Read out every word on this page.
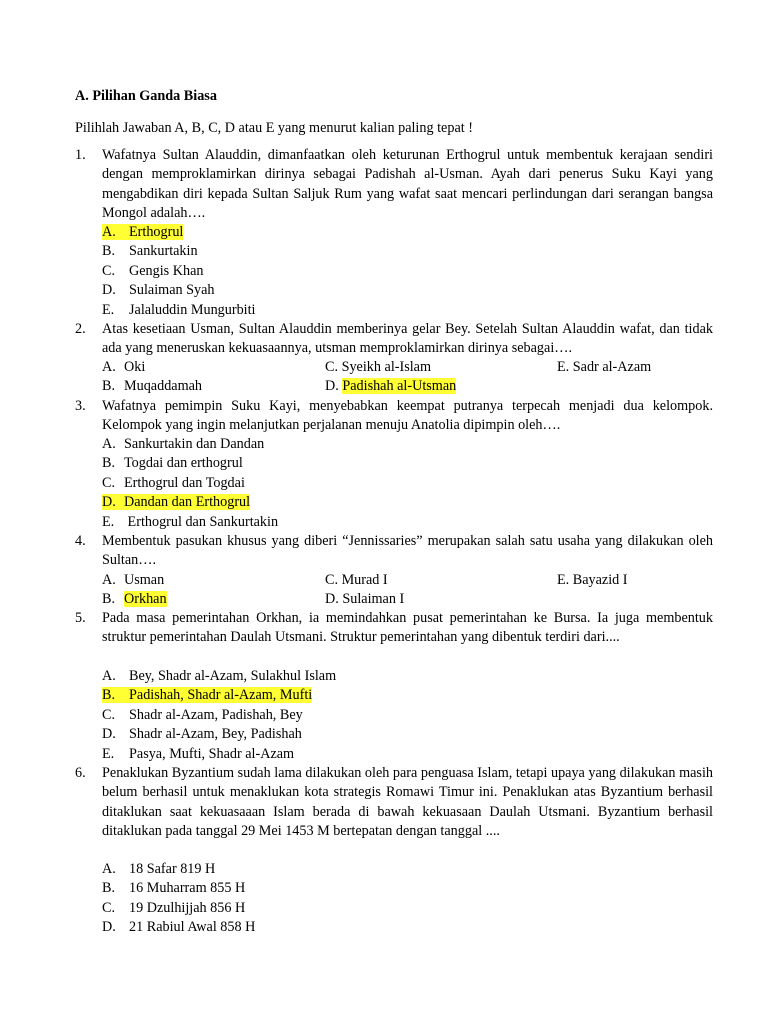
A. Pilihan Ganda Biasa
Pilihlah Jawaban A, B, C, D atau E yang menurut kalian paling tepat !
1. Wafatnya Sultan Alauddin, dimanfaatkan oleh keturunan Erthogrul untuk membentuk kerajaan sendiri dengan memproklamirkan dirinya sebagai Padishah al-Usman. Ayah dari penerus Suku Kayi yang mengabdikan diri kepada Sultan Saljuk Rum yang wafat saat mencari perlindungan dari serangan bangsa Mongol adalah….
A. Erthogrul
B. Sankurtakin
C. Gengis Khan
D. Sulaiman Syah
E. Jalaluddin Mungurbiti
2. Atas kesetiaan Usman, Sultan Alauddin memberinya gelar Bey. Setelah Sultan Alauddin wafat, dan tidak ada yang meneruskan kekuasaannya, utsman memproklamirkan dirinya sebagai….
A. Oki	C. Syeikh al-Islam	E. Sadr al-Azam
B. Muqaddamah	D. Padishah al-Utsman
3. Wafatnya pemimpin Suku Kayi, menyebabkan keempat putranya terpecah menjadi dua kelompok. Kelompok yang ingin melanjutkan perjalanan menuju Anatolia dipimpin oleh….
A. Sankurtakin dan Dandan
B. Togdai dan erthogrul
C. Erthogrul dan Togdai
D. Dandan dan Erthogrul
E. Erthogrul dan Sankurtakin
4. Membentuk pasukan khusus yang diberi “Jennissaries” merupakan salah satu usaha yang dilakukan oleh Sultan….
A. Usman	C. Murad I	E. Bayazid I
B. Orkhan	D. Sulaiman I
5. Pada masa pemerintahan Orkhan, ia memindahkan pusat pemerintahan ke Bursa. Ia juga membentuk struktur pemerintahan Daulah Utsmani. Struktur pemerintahan yang dibentuk terdiri dari....
A. Bey, Shadr al-Azam, Sulakhul Islam
B. Padishah, Shadr al-Azam, Mufti
C. Shadr al-Azam, Padishah, Bey
D. Shadr al-Azam, Bey, Padishah
E. Pasya, Mufti, Shadr al-Azam
6. Penaklukan Byzantium sudah lama dilakukan oleh para penguasa Islam, tetapi upaya yang dilakukan masih belum berhasil untuk menaklukan kota strategis Romawi Timur ini. Penaklukan atas Byzantium berhasil ditaklukan saat kekuasaaan Islam berada di bawah kekuasaan Daulah Utsmani. Byzantium berhasil ditaklukan pada tanggal 29 Mei 1453 M bertepatan dengan tanggal ....
A. 18 Safar 819 H
B. 16 Muharram 855 H
C. 19 Dzulhijjah 856 H
D. 21 Rabiul Awal 858 H
